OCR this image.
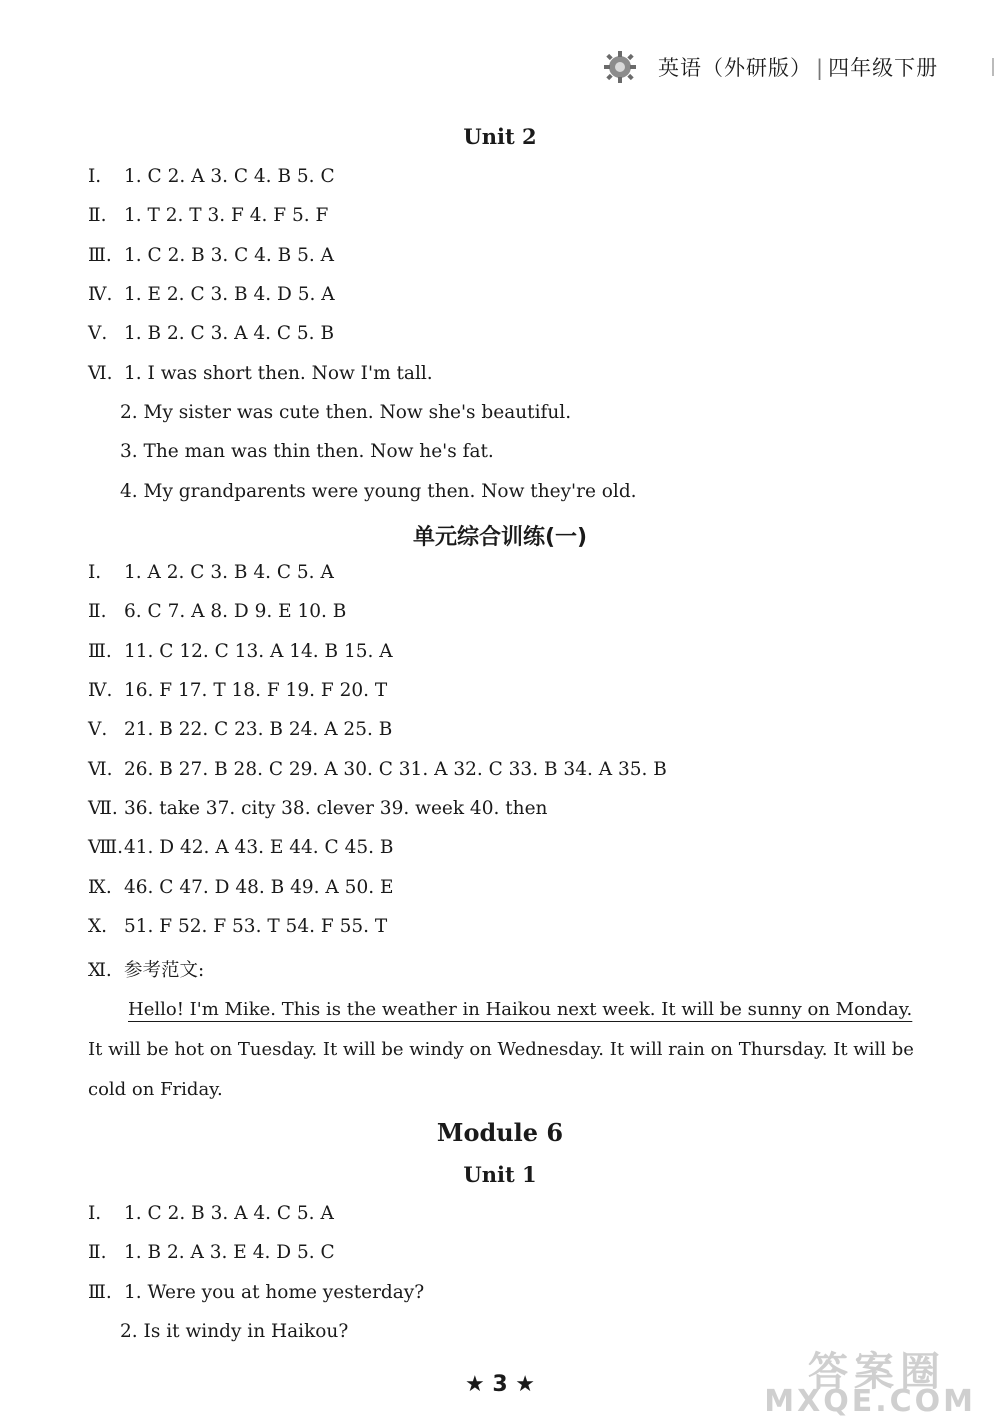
英语（外研版） | 四年级下册
Unit 2
Ⅰ. 1. C 2. A 3. C 4. B 5. C
Ⅱ. 1. T 2. T 3. F 4. F 5. F
Ⅲ. 1. C 2. B 3. C 4. B 5. A
Ⅳ. 1. E 2. C 3. B 4. D 5. A
Ⅴ. 1. B 2. C 3. A 4. C 5. B
Ⅵ. 1. I was short then. Now I'm tall.
2. My sister was cute then. Now she's beautiful.
3. The man was thin then. Now he's fat.
4. My grandparents were young then. Now they're old.
单元综合训练(一)
Ⅰ. 1. A 2. C 3. B 4. C 5. A
Ⅱ. 6. C 7. A 8. D 9. E 10. B
Ⅲ. 11. C 12. C 13. A 14. B 15. A
Ⅳ. 16. F 17. T 18. F 19. F 20. T
Ⅴ. 21. B 22. C 23. B 24. A 25. B
Ⅵ. 26. B 27. B 28. C 29. A 30. C 31. A 32. C 33. B 34. A 35. B
Ⅶ. 36. take 37. city 38. clever 39. week 40. then
Ⅷ.41. D 42. A 43. E 44. C 45. B
Ⅸ. 46. C 47. D 48. B 49. A 50. E
Ⅹ. 51. F 52. F 53. T 54. F 55. T
Ⅺ. 参考范文:
Hello! I'm Mike. This is the weather in Haikou next week. It will be sunny on Monday.
It will be hot on Tuesday. It will be windy on Wednesday. It will rain on Thursday. It will be cold on Friday.
Module 6
Unit 1
Ⅰ. 1. C 2. B 3. A 4. C 5. A
Ⅱ. 1. B 2. A 3. E 4. D 5. C
Ⅲ. 1. Were you at home yesterday?
2. Is it windy in Haikou?
★ 3 ★	答案圈
MXQE.COM
